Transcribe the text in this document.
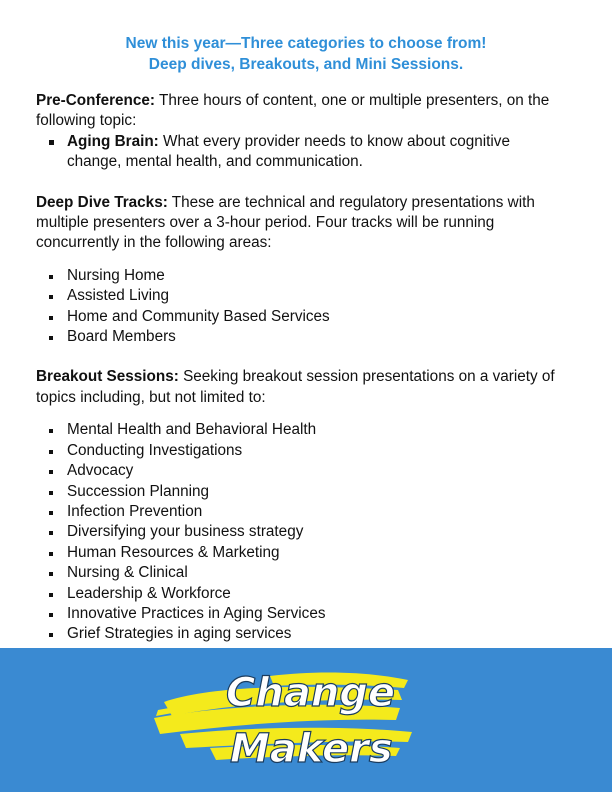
New this year—Three categories to choose from!
Deep dives, Breakouts, and Mini Sessions.

Pre-Conference: Three hours of content, one or multiple presenters, on the following topic:

Aging Brain: What every provider needs to know about cognitive change, mental health, and communication.

Deep Dive Tracks: These are technical and regulatory presentations with multiple presenters over a 3-hour period. Four tracks will be running concurrently in the following areas:

Nursing Home
Assisted Living
Home and Community Based Services
Board Members

Breakout Sessions: Seeking breakout session presentations on a variety of topics including, but not limited to:

Mental Health and Behavioral Health
Conducting Investigations
Advocacy
Succession Planning
Infection Prevention
Diversifying your business strategy
Human Resources & Marketing
Nursing & Clinical
Leadership & Workforce
Innovative Practices in Aging Services
Grief Strategies in aging services
Change
Makers
